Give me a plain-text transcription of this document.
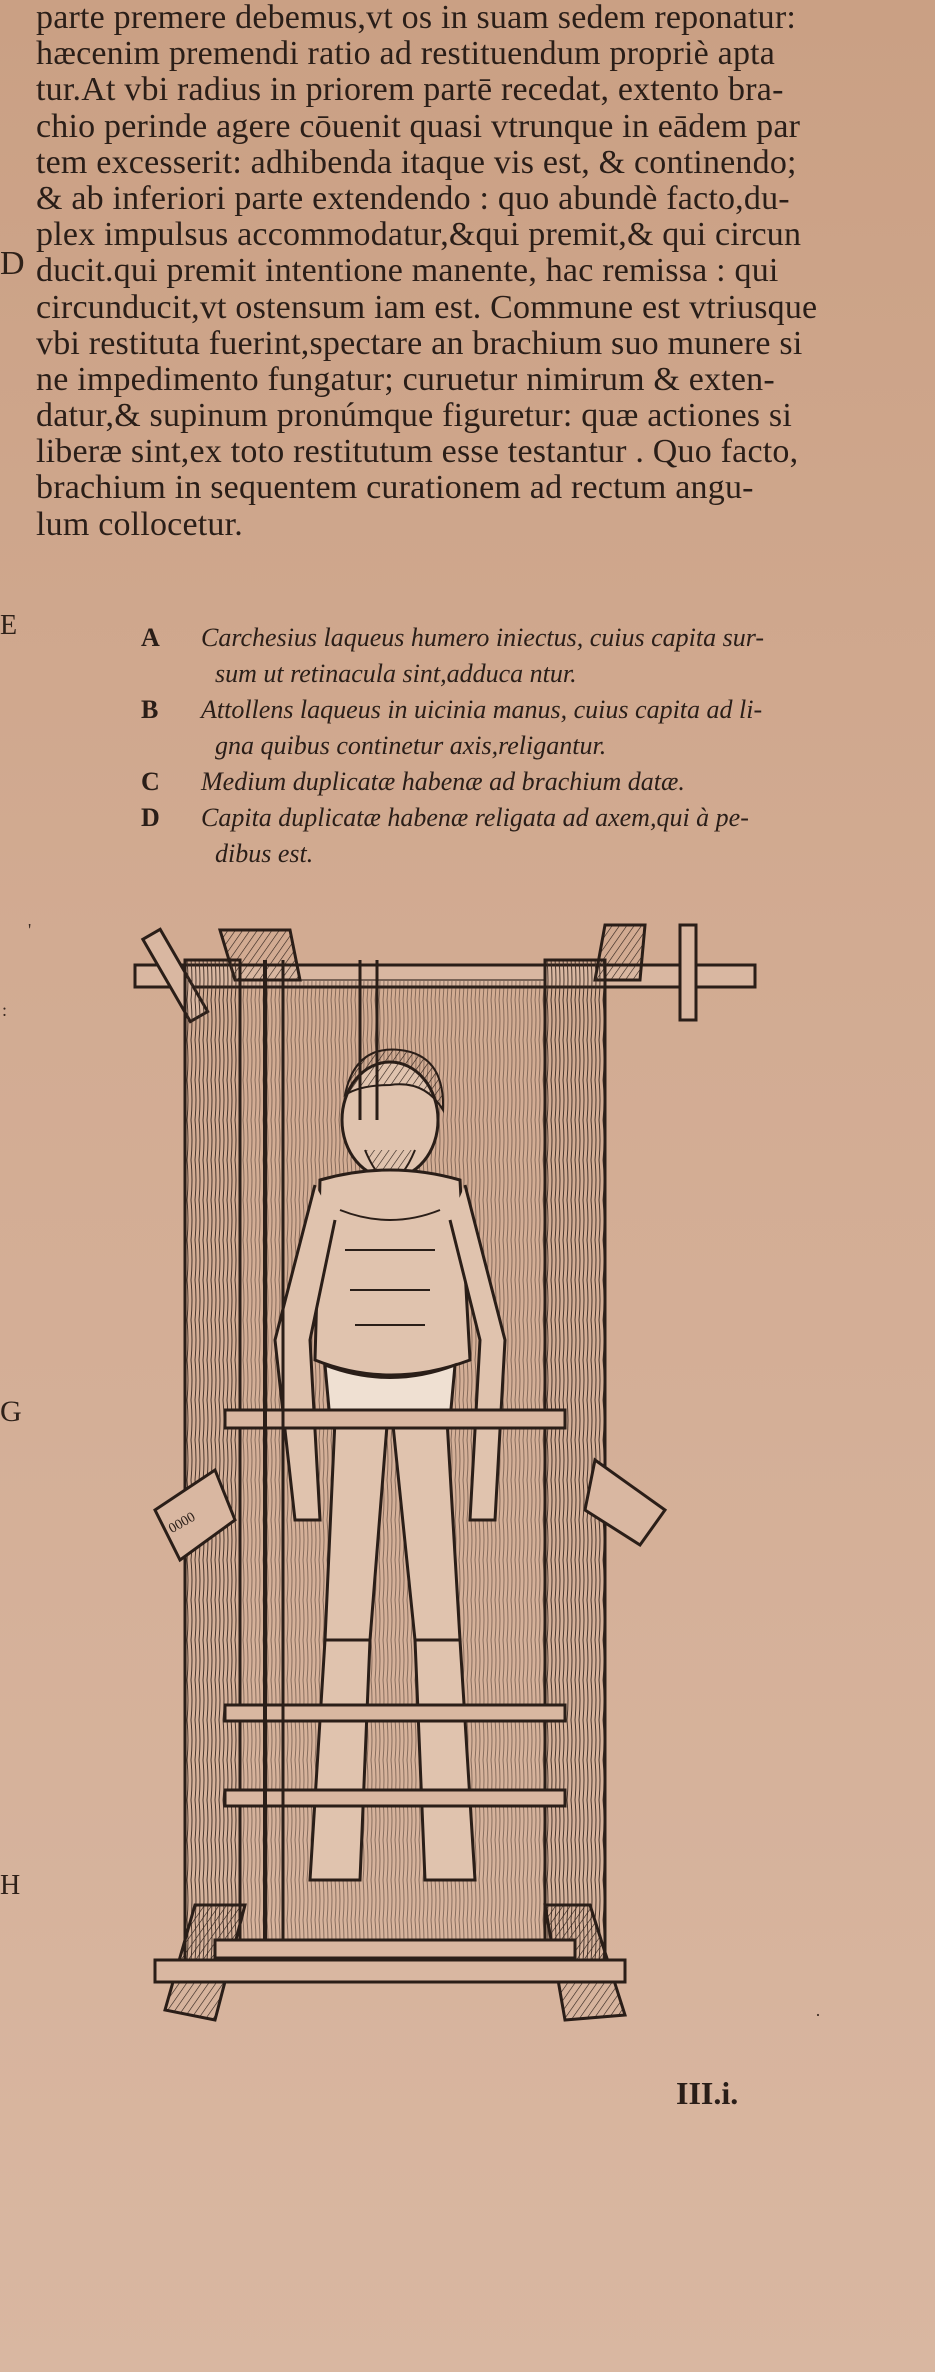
parte premere debemus,vt os in suam sedem reponatur:
hæcenim premendi ratio ad restituendum propriè apta
tur.At vbi radius in priorem partē recedat, extento bra-
chio perinde agere cōuenit quasi vtrunque in eādem par
tem excesserit: adhibenda itaque vis est, & continendo;
& ab inferiori parte extendendo : quo abundè facto,du-
plex impulsus accommodatur,&qui premit,& qui circun
ducit.qui premit intentione manente, hac remissa : qui
circunducit,vt ostensum iam est. Commune est vtriusque
vbi restituta fuerint,spectare an brachium suo munere si
ne impedimento fungatur; curuetur nimirum & exten-
datur,& supinum pronúmque figuretur: quæ actiones si
liberæ sint,ex toto restitutum esse testantur . Quo facto,
brachium in sequentem curationem ad rectum angu-
lum collocetur.
D
E
G
H
'
:
·
A Carchesius laqueus humero iniectus, cuius capita sur-
sum ut retinacula sint,adduca ntur.
B Attollens laqueus in uicinia manus, cuius capita ad li-
gna quibus continetur axis,religantur.
C Medium duplicatæ habenæ ad brachium datæ.
D Capita duplicatæ habenæ religata ad axem,qui à pe-
dibus est.
0000
III.i.
